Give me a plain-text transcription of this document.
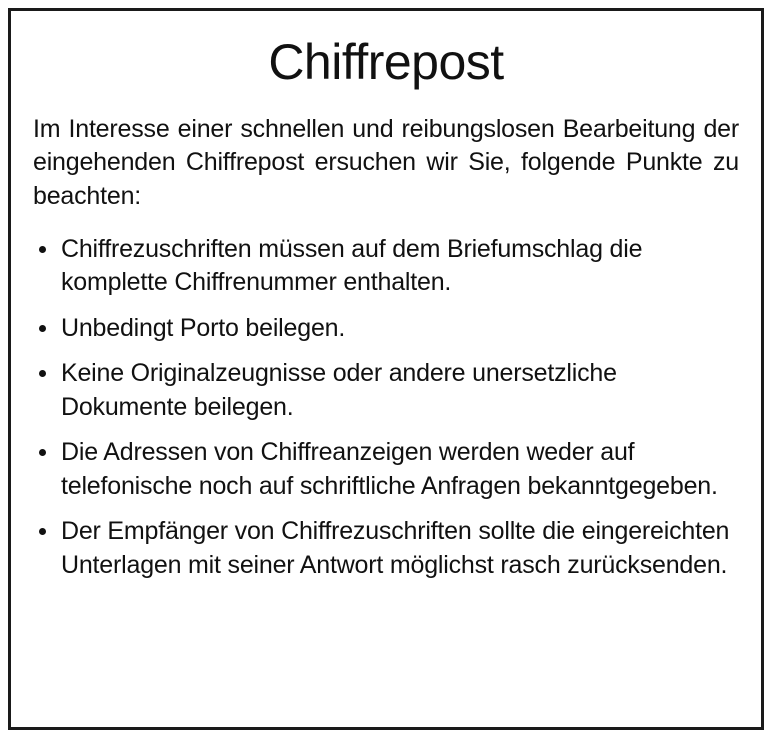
Chiffrepost

Im Interesse einer schnellen und reibungslosen Bearbeitung der eingehenden Chiffrepost ersuchen wir Sie, folgende Punkte zu beachten:

Chiffrezuschriften müssen auf dem Briefumschlag die komplette Chiffrenummer enthalten.
Unbedingt Porto beilegen.
Keine Originalzeugnisse oder andere unersetzliche Dokumente beilegen.
Die Adressen von Chiffreanzeigen werden weder auf telefonische noch auf schriftliche Anfragen bekanntgegeben.
Der Empfänger von Chiffrezuschriften sollte die eingereichten Unterlagen mit seiner Antwort möglichst rasch zurücksenden.
